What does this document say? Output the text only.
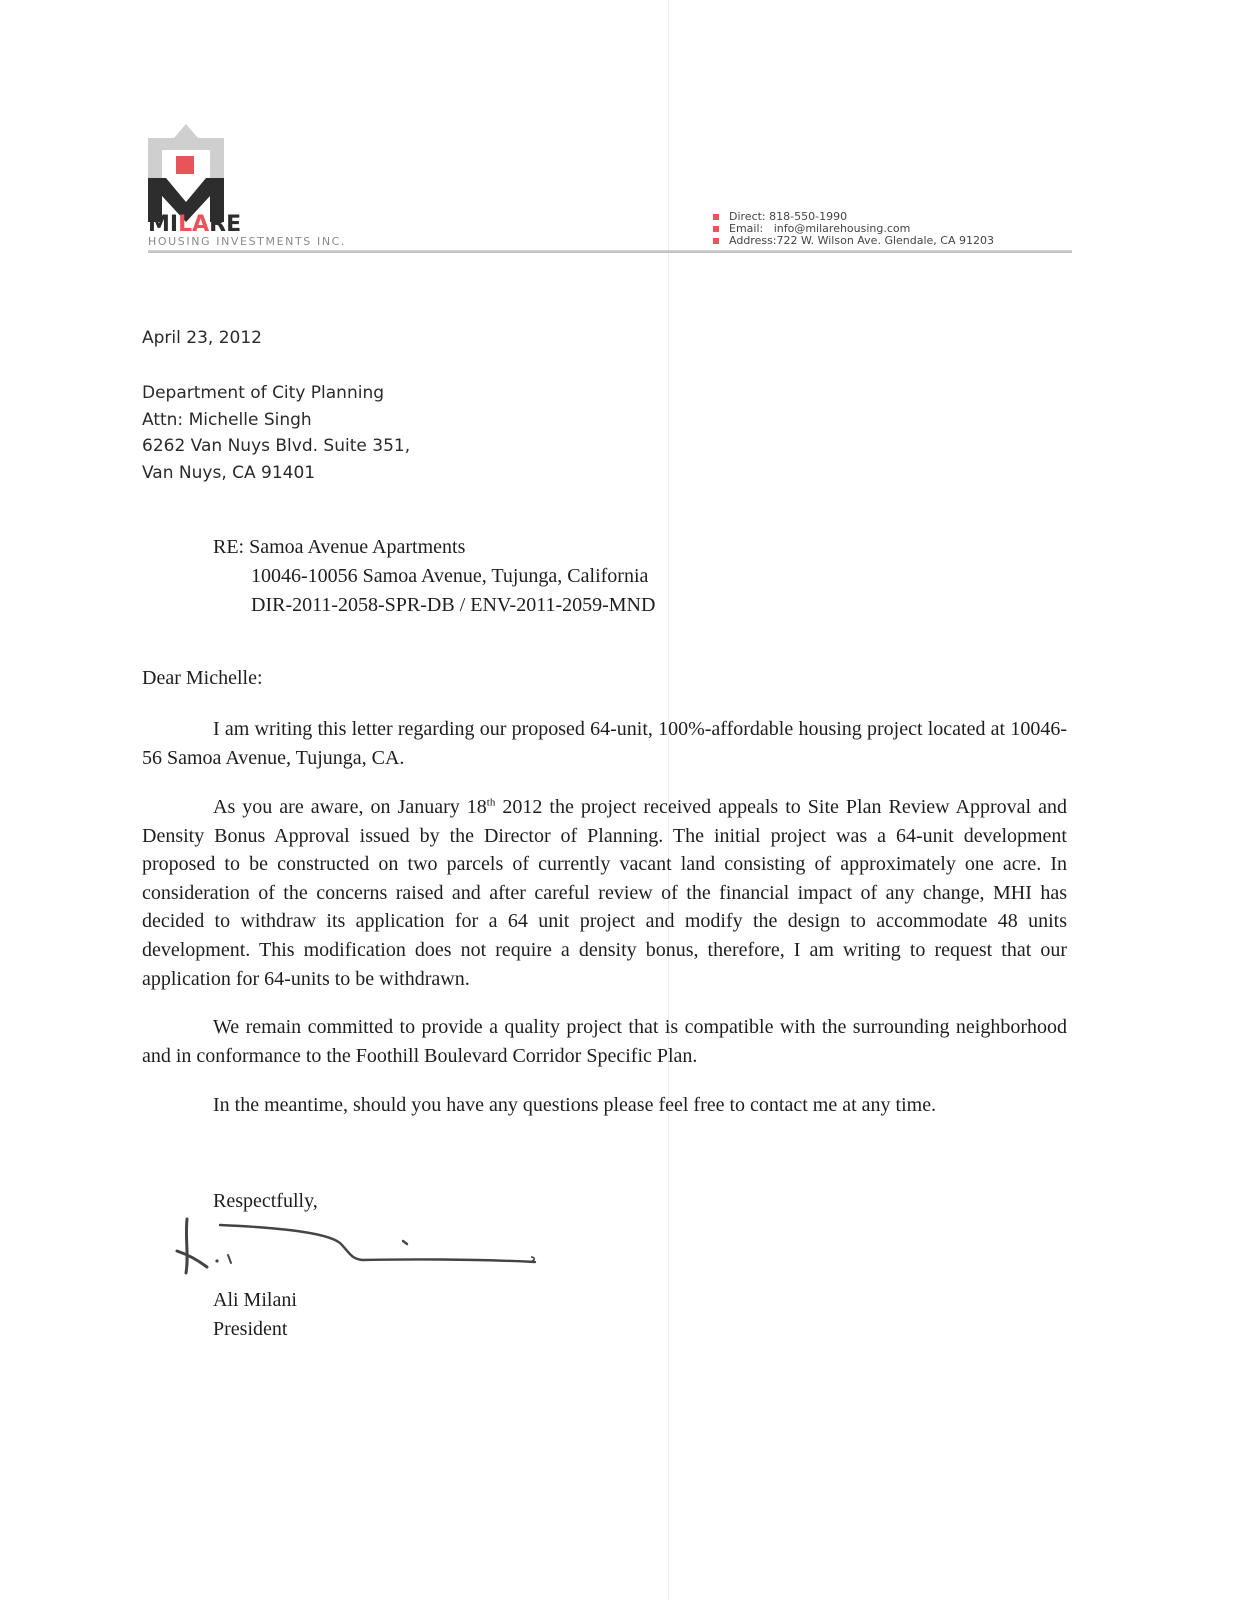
MILARE
HOUSING INVESTMENTS INC.
Direct: 818-550-1990
Email:   info@milarehousing.com
Address:722 W. Wilson Ave. Glendale, CA 91203
April 23, 2012
Department of City Planning
Attn: Michelle Singh
6262 Van Nuys Blvd. Suite 351,
Van Nuys, CA 91401
RE: Samoa Avenue Apartments
10046-10056 Samoa Avenue, Tujunga, California
DIR-2011-2058-SPR-DB / ENV-2011-2059-MND
Dear Michelle:

I am writing this letter regarding our proposed 64-unit, 100%-affordable housing project located at 10046-56 Samoa Avenue, Tujunga, CA.

As you are aware, on January 18th 2012 the project received appeals to Site Plan Review Approval and Density Bonus Approval issued by the Director of Planning. The initial project was a 64-unit development proposed to be constructed on two parcels of currently vacant land consisting of approximately one acre. In consideration of the concerns raised and after careful review of the financial impact of any change, MHI has decided to withdraw its application for a 64 unit project and modify the design to accommodate 48 units development. This modification does not require a density bonus, therefore, I am writing to request that our application for 64-units to be withdrawn.

We remain committed to provide a quality project that is compatible with the surrounding neighborhood and in conformance to the Foothill Boulevard Corridor Specific Plan.

In the meantime, should you have any questions please feel free to contact me at any time.

Respectfully,
Ali Milani
President
